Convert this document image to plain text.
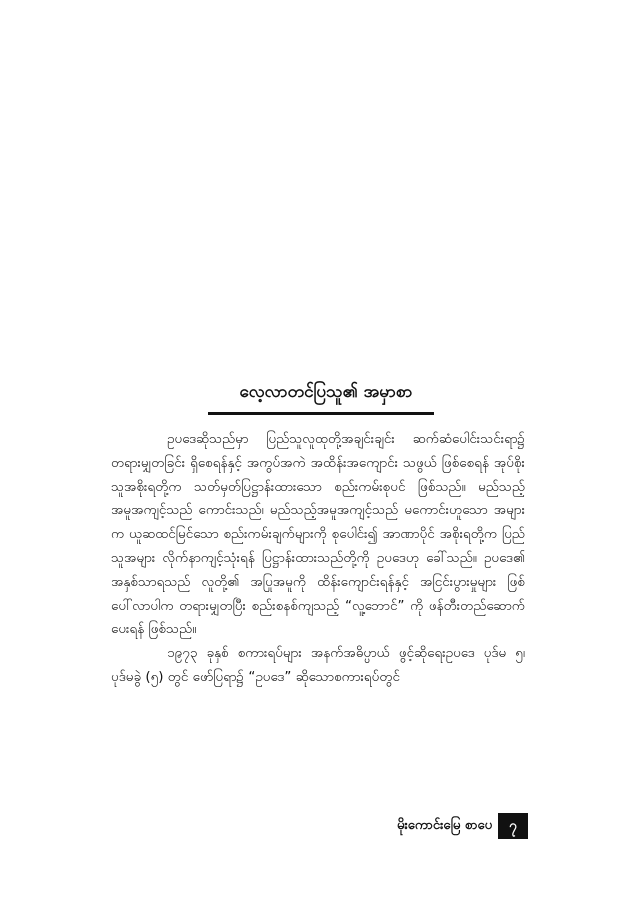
လေ့လာတင်ပြသူ၏ အမှာစာ

ဥပဒေဆိုသည်မှာ ပြည်သူလူထုတို့အချင်းချင်း ဆက်ဆံပေါင်းသင်းရာ၌ တရားမျှတခြင်း ရှိစေရန်နှင့် အကွပ်အကဲ အထိန်းအကျောင်း သဖွယ် ဖြစ်စေရန် အုပ်စိုးသူအစိုးရတို့က သတ်မှတ်ပြဋ္ဌာန်းထားသော စည်းကမ်းစုပင် ဖြစ်သည်။ မည်သည့်အမူအကျင့်သည် ကောင်းသည်၊ မည်သည့်အမူအကျင့်သည် မကောင်းဟူသော အများက ယူဆထင်မြင်သော စည်းကမ်းချက်များကို စုပေါင်း၍ အာဏာပိုင် အစိုးရတို့က ပြည်သူအများ လိုက်နာကျင့်သုံးရန် ပြဋ္ဌာန်းထားသည်တို့ကို ဥပဒေဟု ခေါ်သည်။ ဥပဒေ၏ အနှစ်သာရသည် လူတို့၏ အပြုအမူကို ထိန်းကျောင်းရန်နှင့် အငြင်းပွားမှုများ ဖြစ်ပေါ်လာပါက တရားမျှတပြီး စည်းစနစ်ကျသည့် “လူ့ဘောင်” ကို ဖန်တီးတည်ဆောက်ပေးရန် ဖြစ်သည်။

၁၉၇၃ ခုနှစ် စကားရပ်များ အနက်အဓိပ္ပာယ် ဖွင့်ဆိုရေးဥပဒေ ပုဒ်မ ၅၊ ပုဒ်မခွဲ (၅) တွင် ဖော်ပြရာ၌ “ဥပဒေ” ဆိုသောစကားရပ်တွင်

မိုးကောင်းမြေ စာပေ	၇
